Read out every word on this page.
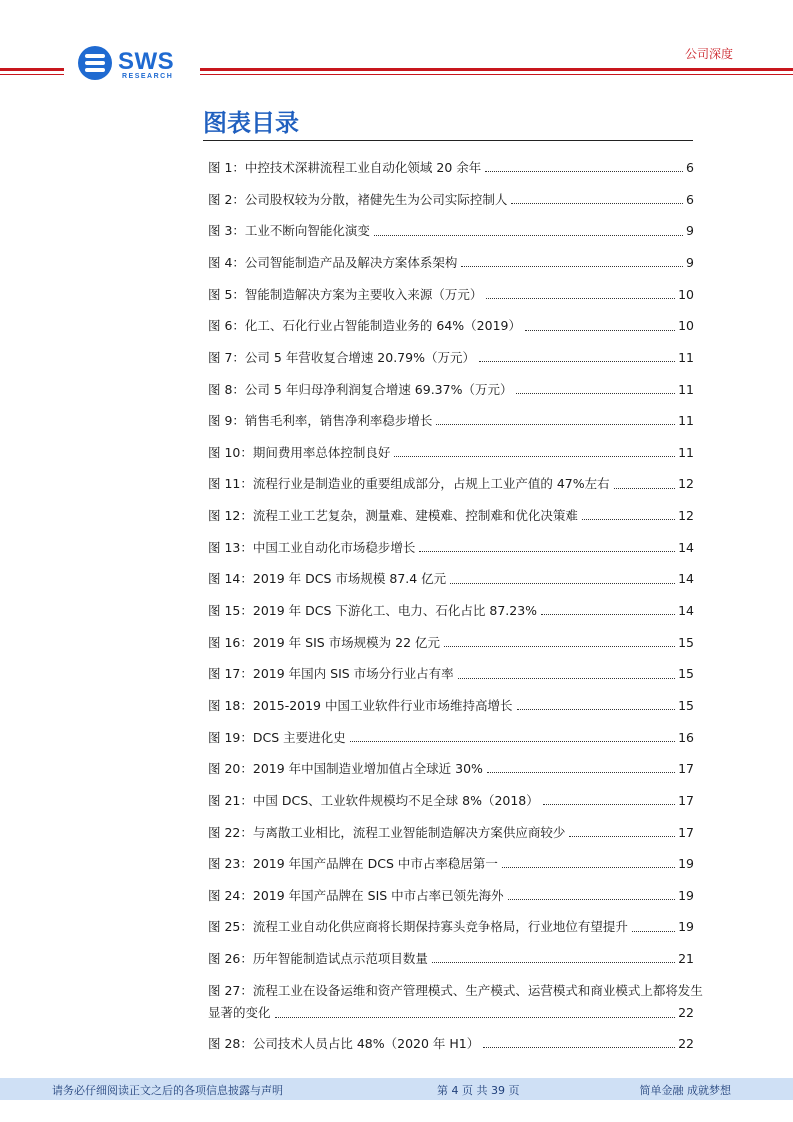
SWS
RESEARCH
公司深度
图表目录
图 1：中控技术深耕流程工业自动化领域 20 余年	6
图 2：公司股权较为分散，褚健先生为公司实际控制人	6
图 3：工业不断向智能化演变	9
图 4：公司智能制造产品及解决方案体系架构	9
图 5：智能制造解决方案为主要收入来源（万元）	10
图 6：化工、石化行业占智能制造业务的 64%（2019）	10
图 7：公司 5 年营收复合增速 20.79%（万元）	11
图 8：公司 5 年归母净利润复合增速 69.37%（万元）	11
图 9：销售毛利率，销售净利率稳步增长	11
图 10：期间费用率总体控制良好	11
图 11：流程行业是制造业的重要组成部分，占规上工业产值的 47%左右	12
图 12：流程工业工艺复杂，测量难、建模难、控制难和优化决策难	12
图 13：中国工业自动化市场稳步增长	14
图 14：2019 年 DCS 市场规模 87.4 亿元	14
图 15：2019 年 DCS 下游化工、电力、石化占比 87.23%	14
图 16：2019 年 SIS 市场规模为 22 亿元	15
图 17：2019 年国内 SIS 市场分行业占有率	15
图 18：2015-2019 中国工业软件行业市场维持高增长	15
图 19：DCS 主要进化史	16
图 20：2019 年中国制造业增加值占全球近 30%	17
图 21：中国 DCS、工业软件规模均不足全球 8%（2018）	17
图 22：与离散工业相比，流程工业智能制造解决方案供应商较少	17
图 23：2019 年国产品牌在 DCS 中市占率稳居第一	19
图 24：2019 年国产品牌在 SIS 中市占率已领先海外	19
图 25：流程工业自动化供应商将长期保持寡头竞争格局，行业地位有望提升	19
图 26：历年智能制造试点示范项目数量	21
图 27：流程工业在设备运维和资产管理模式、生产模式、运营模式和商业模式上都将发生
显著的变化	22
图 28：公司技术人员占比 48%（2020 年 H1）	22
请务必仔细阅读正文之后的各项信息披露与声明	第 4 页 共 39 页	简单金融 成就梦想
